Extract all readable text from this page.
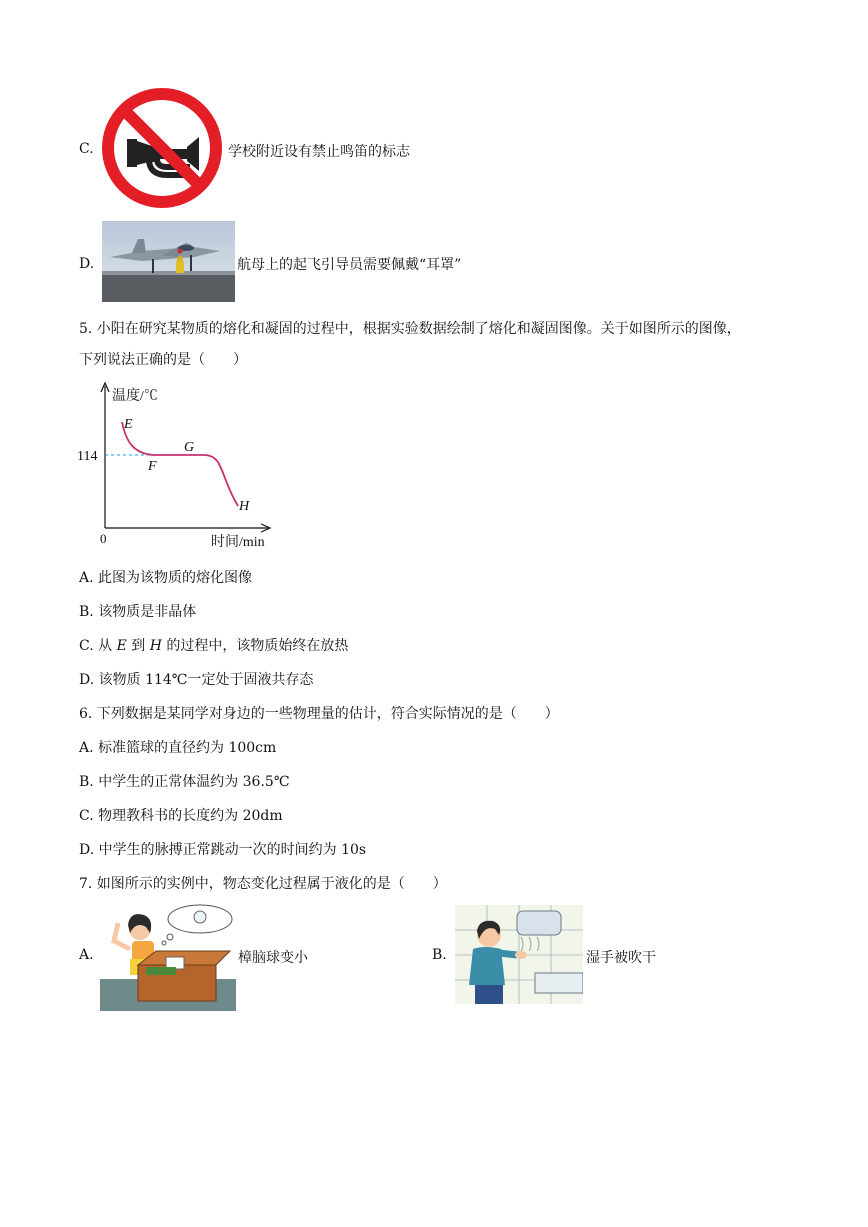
C.	学校附近设有禁止鸣笛的标志
D.	航母上的起飞引导员需要佩戴“耳罩”
5. 小阳在研究某物质的熔化和凝固的过程中，根据实验数据绘制了熔化和凝固图像。关于如图所示的图像，
下列说法正确的是（　　）
温度/℃
114
0	时间/min
E
F
G
H
A. 此图为该物质的熔化图像
B. 该物质是非晶体
C. 从 E 到 H 的过程中，该物质始终在放热
D. 该物质 114℃一定处于固液共存态
6. 下列数据是某同学对身边的一些物理量的估计，符合实际情况的是（　　）
A. 标准篮球的直径约为 100cm
B. 中学生的正常体温约为 36.5℃
C. 物理教科书的长度约为 20dm
D. 中学生的脉搏正常跳动一次的时间约为 10s
7. 如图所示的实例中，物态变化过程属于液化的是（　　）
A.	樟脑球变小	B.	湿手被吹干
